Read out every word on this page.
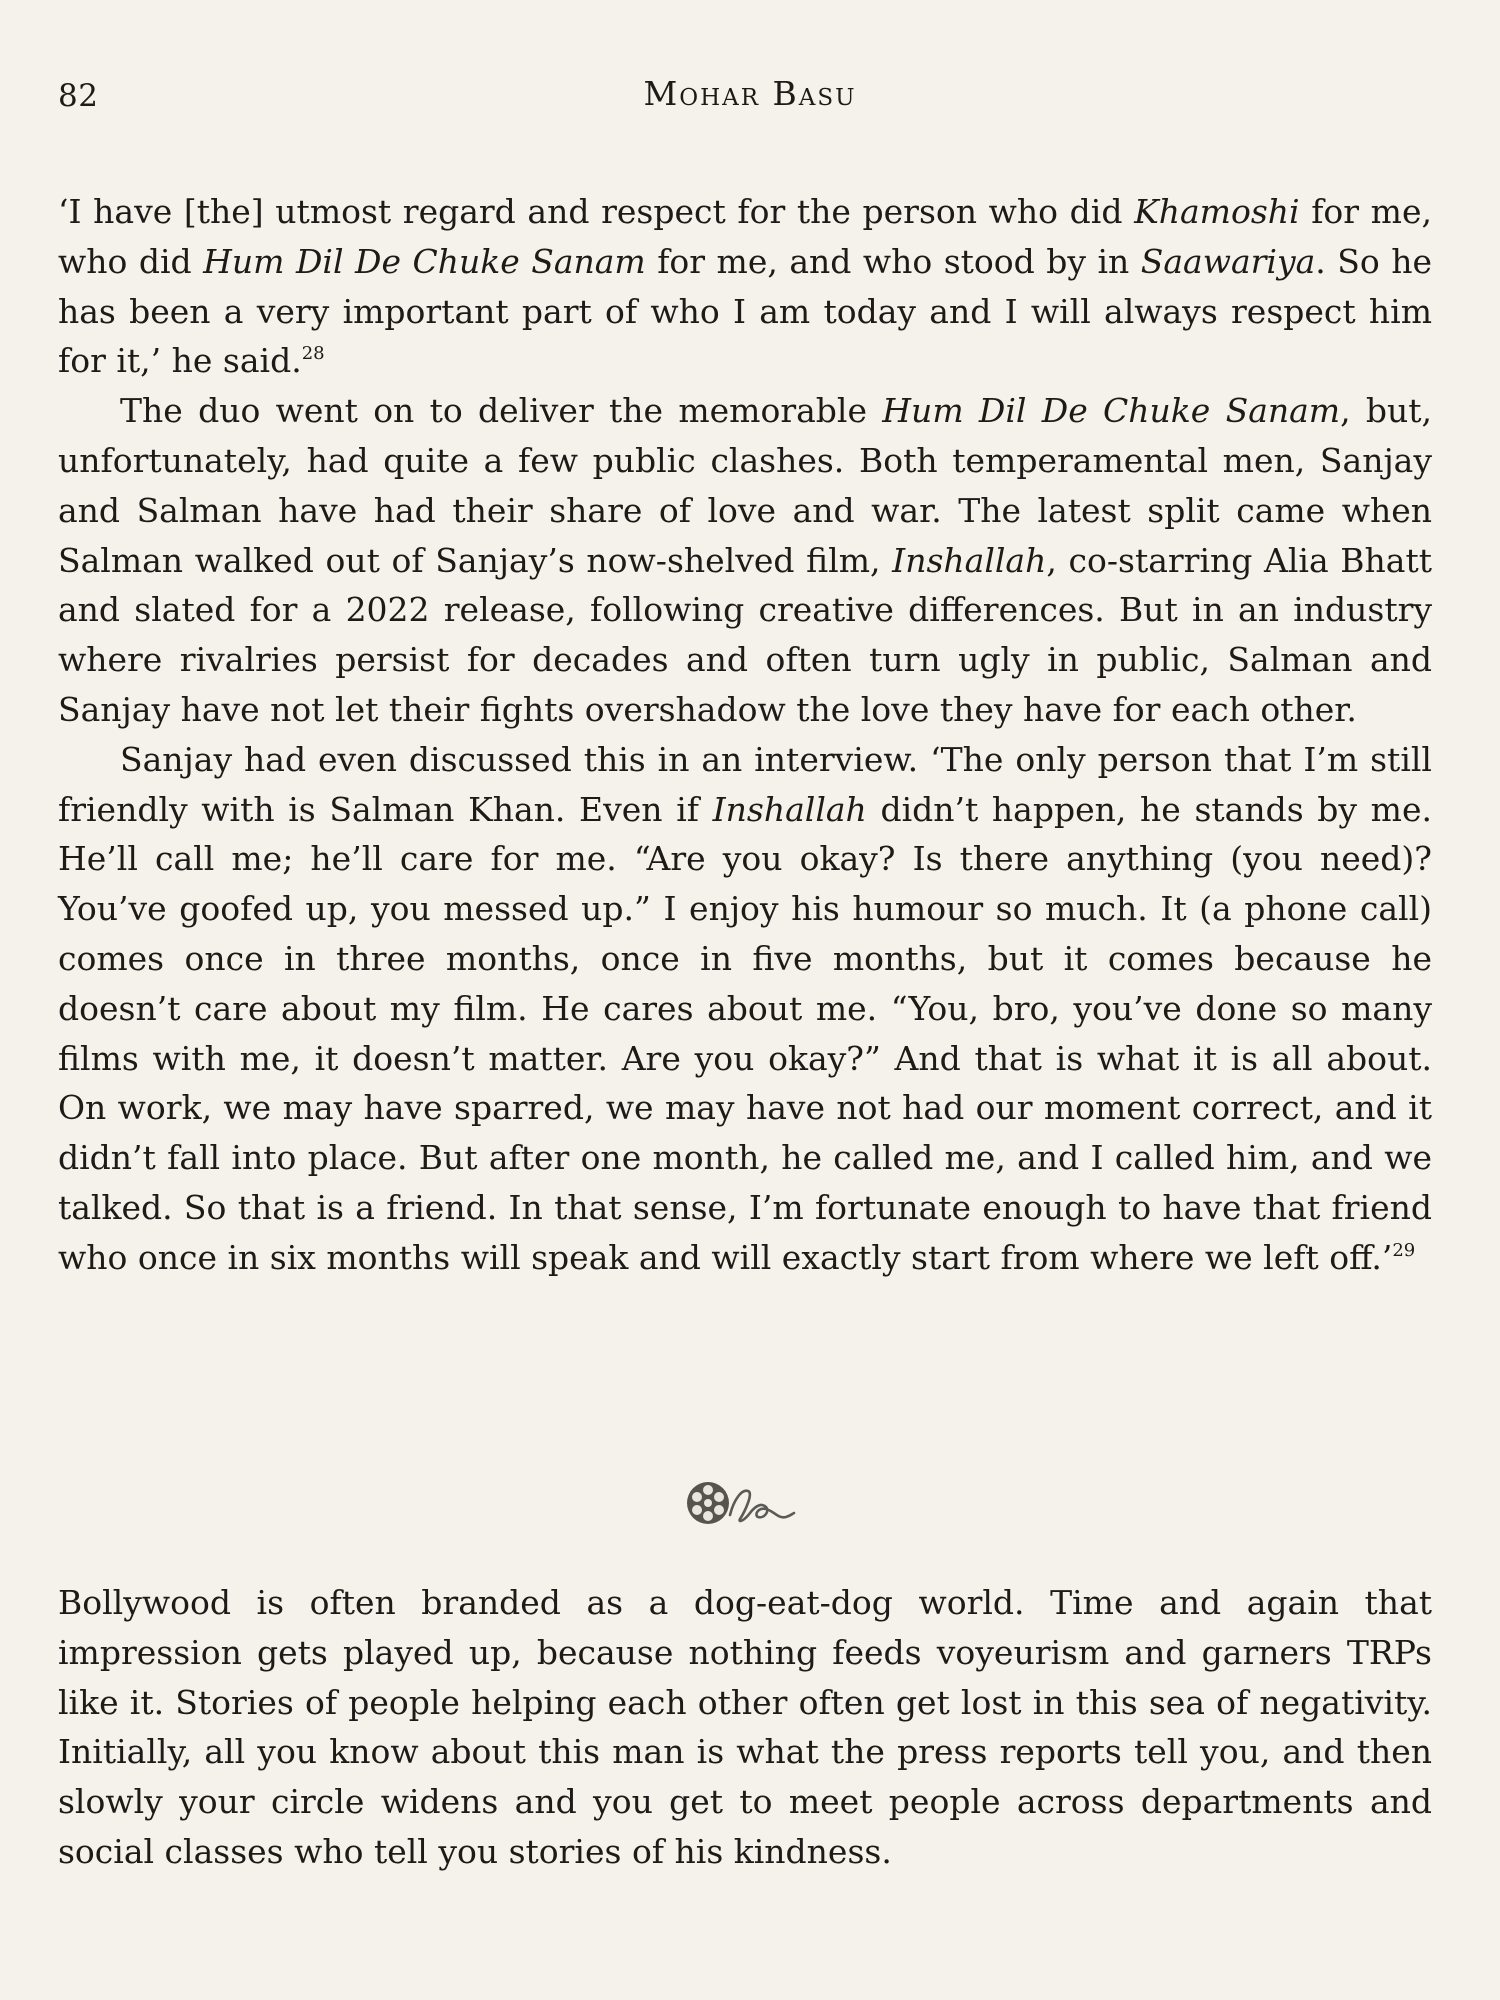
82	Mohar Basu

‘I have [the] utmost regard and respect for the person who did Khamoshi for me, who did Hum Dil De Chuke Sanam for me, and who stood by in Saawariya. So he has been a very important part of who I am today and I will always respect him for it,’ he said.$^{28}$

The duo went on to deliver the memorable Hum Dil De Chuke Sanam, but, unfortunately, had quite a few public clashes. Both temperamental men, Sanjay and Salman have had their share of love and war. The latest split came when Salman walked out of Sanjay’s now-shelved film, Inshallah, co-starring Alia Bhatt and slated for a 2022 release, following creative differences. But in an industry where rivalries persist for decades and often turn ugly in public, Salman and Sanjay have not let their fights overshadow the love they have for each other.

Sanjay had even discussed this in an interview. ‘The only person that I’m still friendly with is Salman Khan. Even if Inshallah didn’t happen, he stands by me. He’ll call me; he’ll care for me. “Are you okay? Is there anything (you need)? You’ve goofed up, you messed up.” I enjoy his humour so much. It (a phone call) comes once in three months, once in five months, but it comes because he doesn’t care about my film. He cares about me. “You, bro, you’ve done so many films with me, it doesn’t matter. Are you okay?” And that is what it is all about. On work, we may have sparred, we may have not had our moment correct, and it didn’t fall into place. But after one month, he called me, and I called him, and we talked. So that is a friend. In that sense, I’m fortunate enough to have that friend who once in six months will speak and will exactly start from where we left off.’$^{29}$

Bollywood is often branded as a dog-eat-dog world. Time and again that impression gets played up, because nothing feeds voyeurism and garners TRPs like it. Stories of people helping each other often get lost in this sea of negativity. Initially, all you know about this man is what the press reports tell you, and then slowly your circle widens and you get to meet people across departments and social classes who tell you stories of his kindness.
